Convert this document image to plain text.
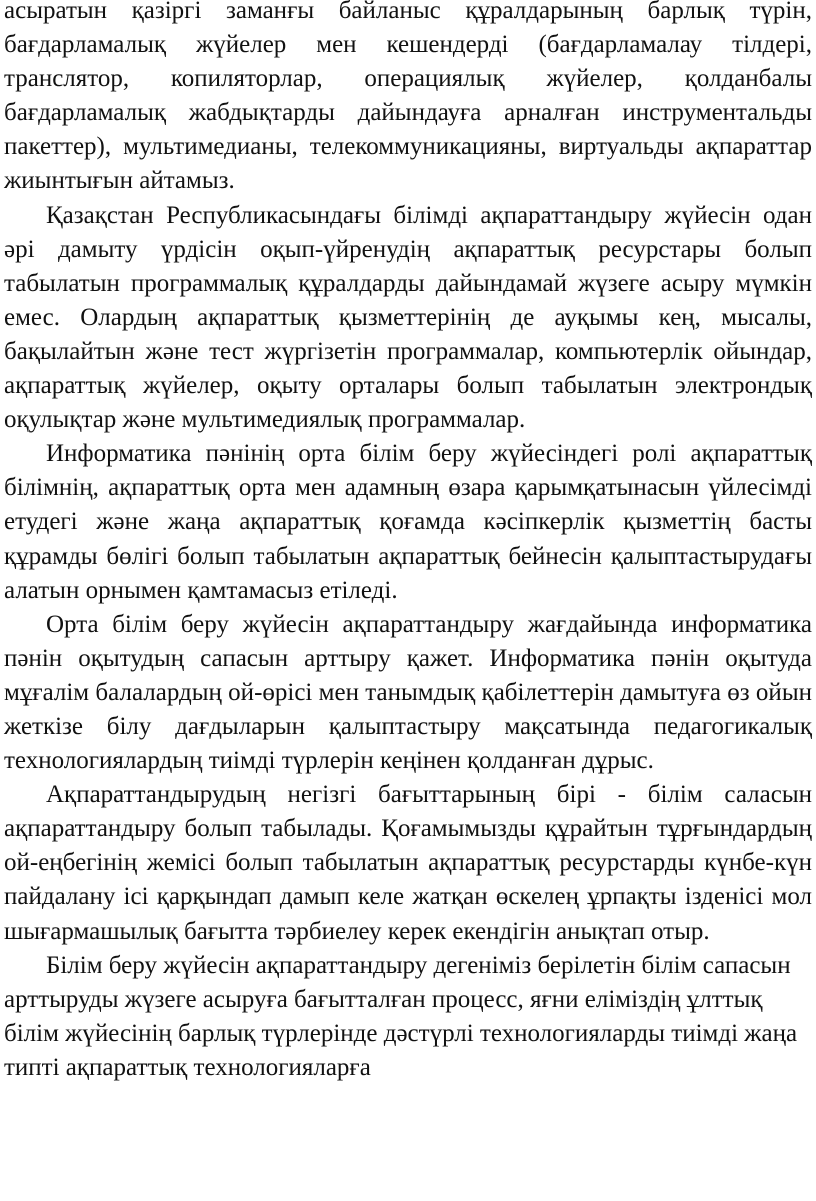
асыратын қазіргі заманғы байланыс құралдарының барлық түрін, бағдарламалық жүйелер мен кешендерді (бағдарламалау тілдері, транслятор, копиляторлар, операциялық жүйелер, қолданбалы бағдарламалық жабдықтарды дайындауға арналған инструментальды пакеттер), мультимедианы, телекоммуникацияны, виртуальды ақпараттар жиынтығын айтамыз.

Қазақстан Республикасындағы білімді ақпараттандыру жүйесін одан әрі дамыту үрдісін оқып-үйренудің ақпараттық ресурстары болып табылатын программалық құралдарды дайындамай жүзеге асыру мүмкін емес. Олардың ақпараттық қызметтерінің де ауқымы кең, мысалы, бақылайтын және тест жүргізетін программалар, компьютерлік ойындар, ақпараттық жүйелер, оқыту орталары болып табылатын электрондық оқулықтар және мультимедиялық программалар.

Информатика пәнінің орта білім беру жүйесіндегі ролі ақпараттық білімнің, ақпараттық орта мен адамның өзара қарымқатынасын үйлесімді етудегі және жаңа ақпараттық қоғамда кәсіпкерлік қызметтің басты құрамды бөлігі болып табылатын ақпараттық бейнесін қалыптастырудағы алатын орнымен қамтамасыз етіледі.

Орта білім беру жүйесін ақпараттандыру жағдайында информатика пәнін оқытудың сапасын арттыру қажет. Информатика пәнін оқытуда мұғалім балалардың ой-өрісі мен танымдық қабілеттерін дамытуға өз ойын жеткізе білу дағдыларын қалыптастыру мақсатында педагогикалық технологиялардың тиімді түрлерін кеңінен қолданған дұрыс.

Ақпараттандырудың негізгі бағыттарының бірі - білім саласын ақпараттандыру болып табылады. Қоғамымызды құрайтын тұрғындардың ой-еңбегінің жемісі болып табылатын ақпараттық ресурстарды күнбе-күн пайдалану ісі қарқындап дамып келе жатқан өскелең ұрпақты ізденісі мол шығармашылық бағытта тәрбиелеу керек екендігін анықтап отыр.

Білім беру жүйесін ақпараттандыру дегеніміз берілетін білім сапасын арттыруды жүзеге асыруға бағытталған процесс, яғни еліміздің ұлттық білім жүйесінің барлық түрлерінде дәстүрлі технологияларды тиімді жаңа типті ақпараттық технологияларға
